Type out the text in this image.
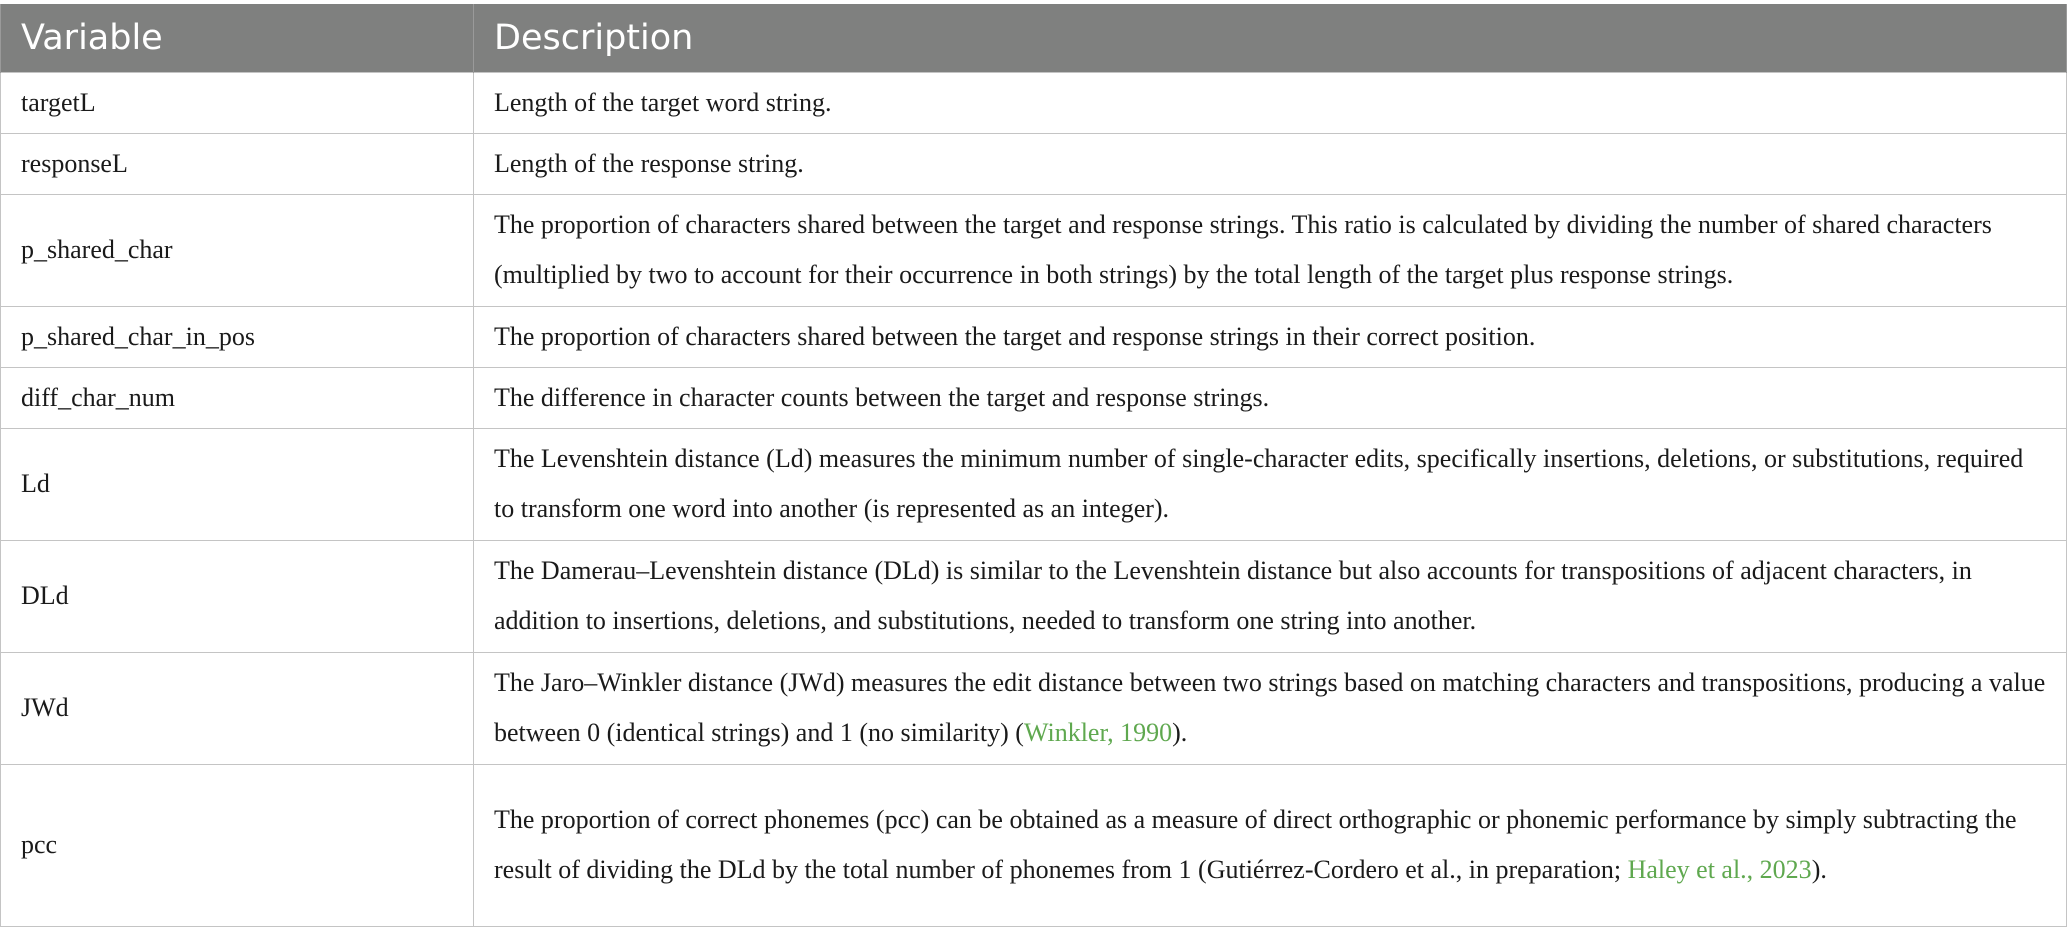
Variable	Description
targetL	Length of the target word string.
responseL	Length of the response string.
p_shared_char	The proportion of characters shared between the target and response strings. This ratio is calculated by dividing the number of shared characters (multiplied by two to account for their occurrence in both strings) by the total length of the target plus response strings.
p_shared_char_in_pos	The proportion of characters shared between the target and response strings in their correct position.
diff_char_num	The difference in character counts between the target and response strings.
Ld	The Levenshtein distance (Ld) measures the minimum number of single-character edits, specifically insertions, deletions, or substitutions, required to transform one word into another (is represented as an integer).
DLd	The Damerau–Levenshtein distance (DLd) is similar to the Levenshtein distance but also accounts for transpositions of adjacent characters, in addition to insertions, deletions, and substitutions, needed to transform one string into another.
JWd	The Jaro–Winkler distance (JWd) measures the edit distance between two strings based on matching characters and transpositions, producing a value between 0 (identical strings) and 1 (no similarity) (Winkler, 1990).
pcc	The proportion of correct phonemes (pcc) can be obtained as a measure of direct orthographic or phonemic performance by simply subtracting the result of dividing the DLd by the total number of phonemes from 1 (Gutiérrez-Cordero et al., in preparation; Haley et al., 2023).
